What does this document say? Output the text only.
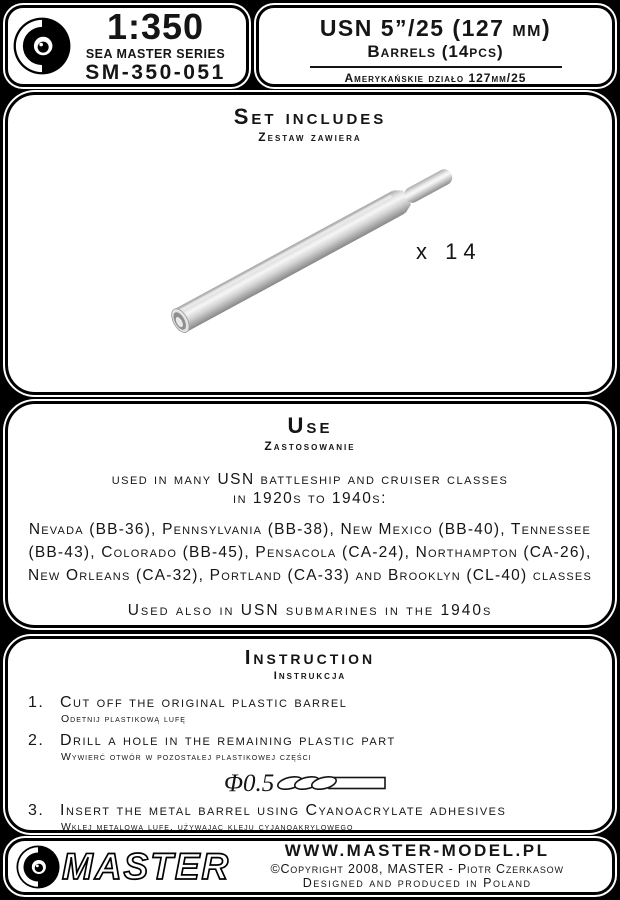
1:350
SEA MASTER SERIES
SM-350-051
USN 5”/25 (127 mm)
Barrels (14pcs)
Amerykańskie działo 127mm/25
Set includes
Zestaw zawiera
x 14
Use
Zastosowanie
used in many USN battleship and cruiser classes
in 1920s to 1940s:
Nevada (BB-36), Pennsylvania (BB-38), New Mexico (BB-40), Tennessee (BB-43), Colorado (BB-45), Pensacola (CA-24), Northampton (CA-26), New Orleans (CA-32), Portland (CA-33) and Brooklyn (CL-40) classes
Used also in USN submarines in the 1940s
Instruction
Instrukcja
1. Cut off the original plastic barrel
Odetnij plastikową lufę
2. Drill a hole in the remaining plastic part
Wywierć otwór w pozostałej plastikowej części
Φ0.5
3. Insert the metal barrel using Cyanoacrylate adhesives
Wklej metalową lufę, używając kleju cyjanoakrylowego
MASTER	WWW.MASTER-MODEL.PL
©Copyright 2008, MASTER - Piotr Czerkasow
Designed and produced in Poland
